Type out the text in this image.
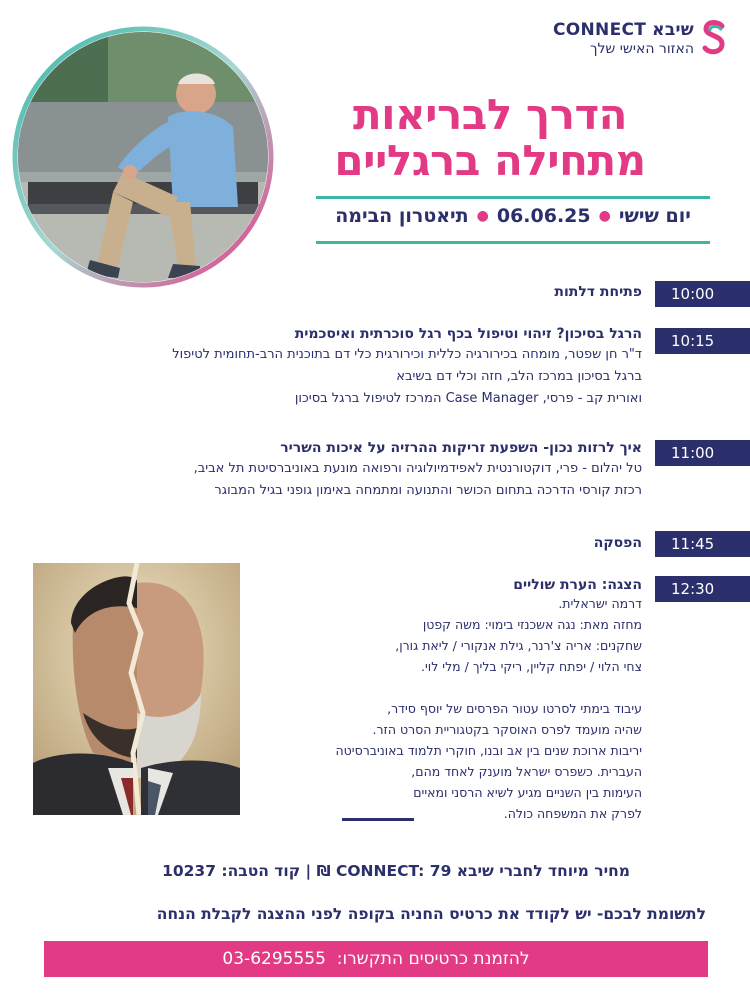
שיבאCONNECT
האזור האישי שלך
הדרך לבריאות
מתחילה ברגליים
יום שישי●06.06.25●תיאטרון הבימה
10:00
פתיחת דלתות
10:15
הרגל בסיכון? זיהוי וטיפול בכף רגל סוכרתית ואיסכמית
ד"ר חן שפטר, מומחה בכירורגיה כללית וכירורגית כלי דם בתוכנית הרב-תחומית לטיפול
ברגל בסיכון במרכז הלב, חזה וכלי דם בשיבא
ואורית קב - פרסי, Case Manager המרכז לטיפול ברגל בסיכון
11:00
איך לרזות נכון- השפעת זריקות ההרזיה על איכות השריר
טל יהלום - פרי, דוקטורנטית לאפידמיולוגיה ורפואה מונעת באוניברסיטת תל אביב,
רכזת קורסי הדרכה בתחום הכושר והתנועה ומתמחה באימון גופני בגיל המבוגר
11:45
הפסקה
12:30
הצגה: הערת שוליים
דרמה ישראלית.
מחזה מאת: נגה אשכנזי בימוי: משה קפטן
שחקנים: אריה צ'רנר, גילת אנקורי / ליאת גורן,
צחי הלוי / יפתח קליין, ריקי בליך / מלי לוי.
עיבוד בימתי לסרטו עטור הפרסים של יוסף סידר,
שהיה מועמד לפרס האוסקר בקטגוריית הסרט הזר.
יריבות ארוכת שנים בין אב ובנו, חוקרי תלמוד באוניברסיטה
העברית. כשפרס ישראל מוענק לאחד מהם,
העימות בין השניים מגיע לשיא הרסני ומאיים
לפרק את המשפחה כולה.
מחיר מיוחד לחברי שיבא CONNECT: 79 ₪ | קוד הטבה: 10237
לתשומת לבכם- יש לקודד את כרטיס החניה בקופה לפני ההצגה לקבלת הנחה
להזמנת כרטיסים התקשרו:  03-6295555
